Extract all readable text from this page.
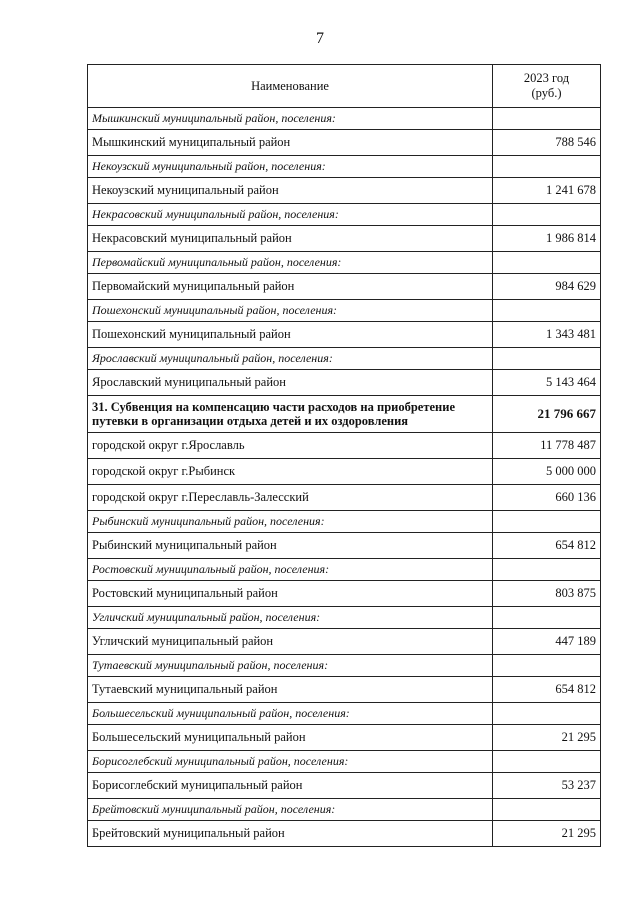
7
Наименование	2023 год
(руб.)
Мышкинский муниципальный район, поселения:	
Мышкинский муниципальный район	788 546
Некоузский муниципальный район, поселения:	
Некоузский муниципальный район	1 241 678
Некрасовский муниципальный район, поселения:	
Некрасовский муниципальный район	1 986 814
Первомайский муниципальный район, поселения:	
Первомайский муниципальный район	984 629
Пошехонский муниципальный район, поселения:	
Пошехонский муниципальный район	1 343 481
Ярославский муниципальный район, поселения:	
Ярославский муниципальный район	5 143 464
31. Субвенция на компенсацию части расходов на приобретение путевки в организации отдыха детей и их оздоровления	21 796 667
городской округ г.Ярославль	11 778 487
городской округ г.Рыбинск	5 000 000
городской округ г.Переславль-Залесский	660 136
Рыбинский муниципальный район, поселения:	
Рыбинский муниципальный район	654 812
Ростовский муниципальный район, поселения:	
Ростовский муниципальный район	803 875
Угличский муниципальный район, поселения:	
Угличский муниципальный район	447 189
Тутаевский муниципальный район, поселения:	
Тутаевский муниципальный район	654 812
Большесельский муниципальный район, поселения:	
Большесельский муниципальный район	21 295
Борисоглебский муниципальный район, поселения:	
Борисоглебский муниципальный район	53 237
Брейтовский муниципальный район, поселения:	
Брейтовский муниципальный район	21 295
